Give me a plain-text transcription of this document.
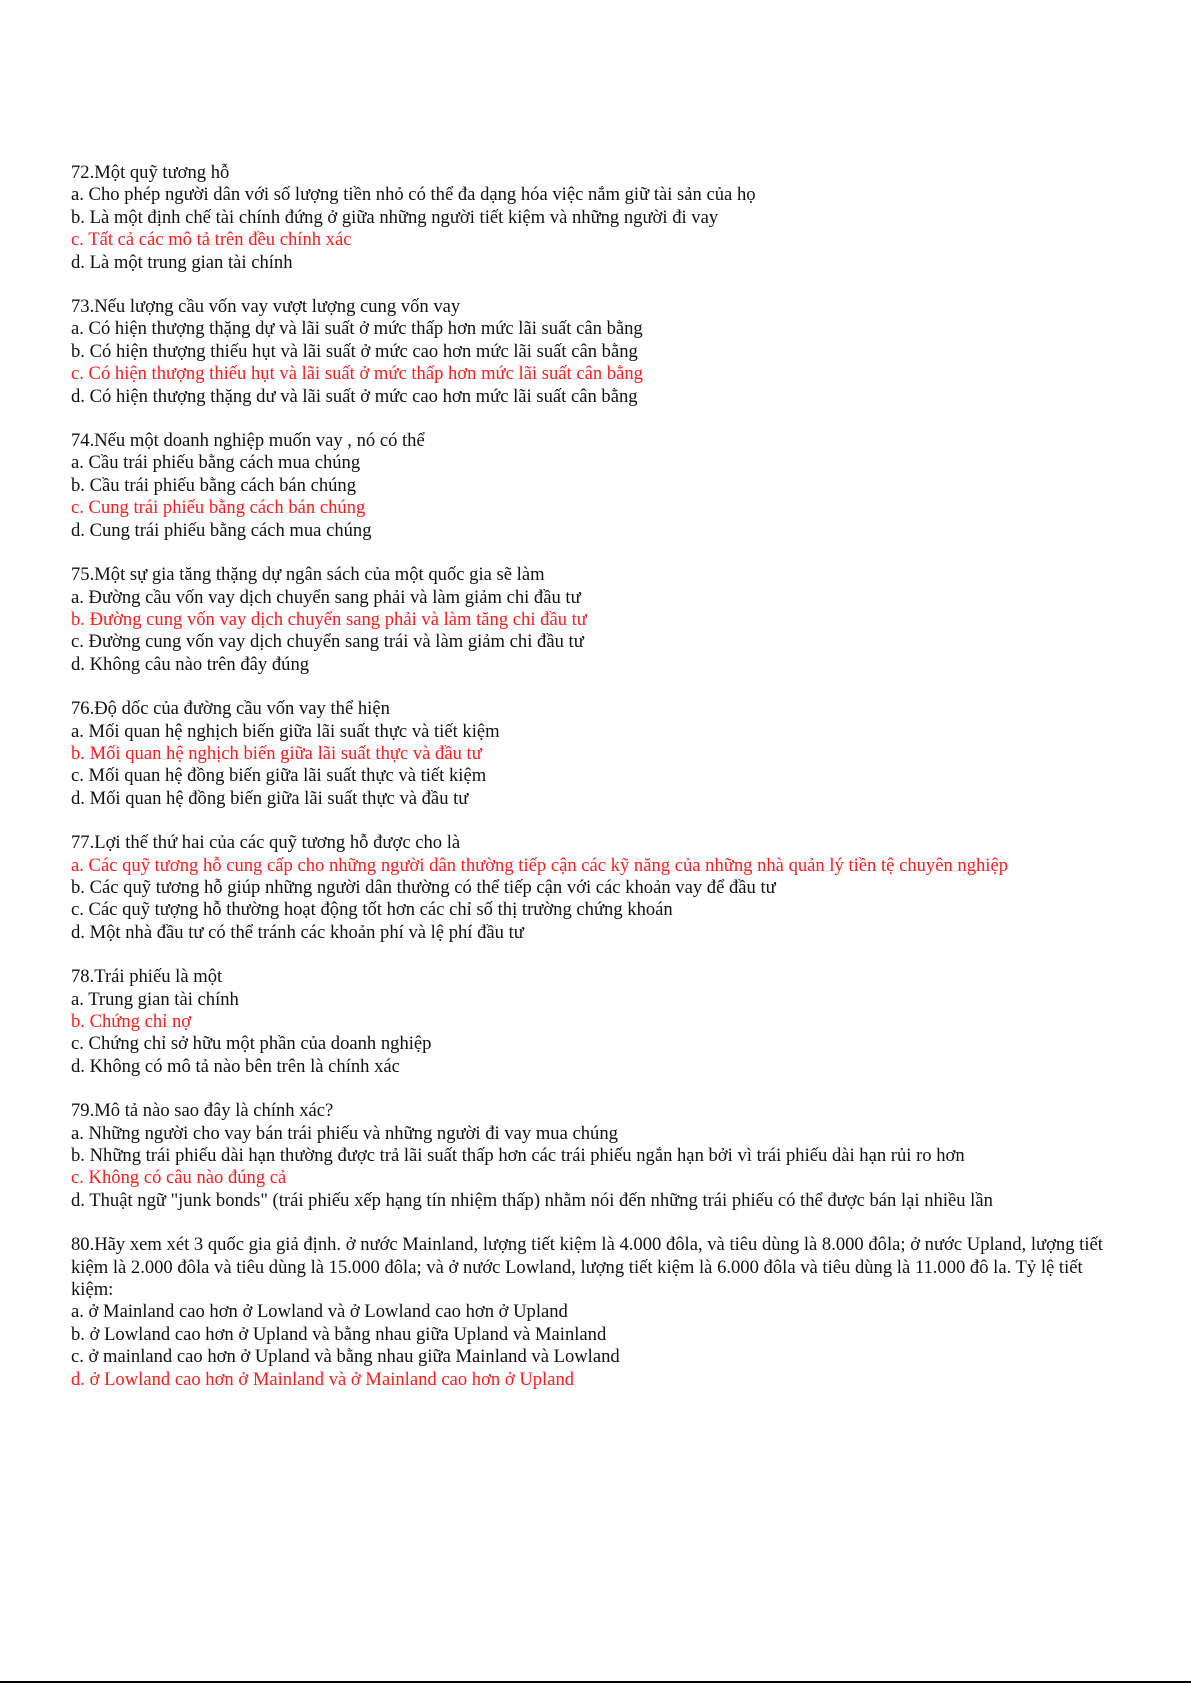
72.Một quỹ tương hỗ

a. Cho phép người dân với số lượng tiền nhỏ có thể đa dạng hóa việc nắm giữ tài sản của họ

b. Là một định chế tài chính đứng ở giữa những người tiết kiệm và những người đi vay

c. Tất cả các mô tả trên đều chính xác

d. Là một trung gian tài chính

73.Nếu lượng cầu vốn vay vượt lượng cung vốn vay

a. Có hiện thượng thặng dự và lãi suất ở mức thấp hơn mức lãi suất cân bằng

b. Có hiện thượng thiếu hụt và lãi suất ở mức cao hơn mức lãi suất cân bằng

c. Có hiện thượng thiếu hụt và lãi suất ở mức thấp hơn mức lãi suất cân bằng

d. Có hiện thượng thặng dư và lãi suất ở mức cao hơn mức lãi suất cân bằng

74.Nếu một doanh nghiệp muốn vay , nó có thể

a. Cầu trái phiếu bằng cách mua chúng

b. Cầu trái phiếu bằng cách bán chúng

c. Cung trái phiếu bằng cách bán chúng

d. Cung trái phiếu bằng cách mua chúng

75.Một sự gia tăng thặng dự ngân sách của một quốc gia sẽ làm

a. Đường cầu vốn vay dịch chuyển sang phải và làm giảm chi đầu tư

b. Đường cung vốn vay dịch chuyển sang phải và làm tăng chi đầu tư

c. Đường cung vốn vay dịch chuyển sang trái và làm giảm chi đầu tư

d. Không câu nào trên đây đúng

76.Độ dốc của đường cầu vốn vay thể hiện

a. Mối quan hệ nghịch biến giữa lãi suất thực và tiết kiệm

b. Mối quan hệ nghịch biến giữa lãi suất thực và đầu tư

c. Mối quan hệ đồng biến giữa lãi suất thực và tiết kiệm

d. Mối quan hệ đồng biến giữa lãi suất thực và đầu tư

77.Lợi thế thứ hai của các quỹ tương hỗ được cho là

a. Các quỹ tương hỗ cung cấp cho những người dân thường tiếp cận các kỹ năng của những nhà quản lý tiền tệ chuyên nghiệp

b. Các quỹ tương hỗ giúp những người dân thường có thể tiếp cận với các khoản vay để đầu tư

c. Các quỹ tượng hỗ thường hoạt động tốt hơn các chỉ số thị trường chứng khoán

d. Một nhà đầu tư có thể tránh các khoản phí và lệ phí đầu tư

78.Trái phiếu là một

a. Trung gian tài chính

b. Chứng chỉ nợ

c. Chứng chỉ sở hữu một phần của doanh nghiệp

d. Không có mô tả nào bên trên là chính xác

79.Mô tả nào sao đây là chính xác?

a. Những người cho vay bán trái phiếu và những người đi vay mua chúng

b. Những trái phiếu dài hạn thường được trả lãi suất thấp hơn các trái phiếu ngắn hạn bởi vì trái phiếu dài hạn rủi ro hơn

c. Không có câu nào đúng cả

d. Thuật ngữ "junk bonds" (trái phiếu xếp hạng tín nhiệm thấp) nhằm nói đến những trái phiếu có thể được bán lại nhiều lần

80.Hãy xem xét 3 quốc gia giả định. ở nước Mainland, lượng tiết kiệm là 4.000 đôla, và tiêu dùng là 8.000 đôla; ở nước Upland, lượng tiết kiệm là 2.000 đôla và tiêu dùng là 15.000 đôla; và ở nước Lowland, lượng tiết kiệm là 6.000 đôla và tiêu dùng là 11.000 đô la. Tỷ lệ tiết kiệm:

a. ở Mainland cao hơn ở Lowland và ở Lowland cao hơn ở Upland

b. ở Lowland cao hơn ở Upland và bằng nhau giữa Upland và Mainland

c. ở mainland cao hơn ở Upland và bằng nhau giữa Mainland và Lowland

d. ở Lowland cao hơn ở Mainland và ở Mainland cao hơn ở Upland
